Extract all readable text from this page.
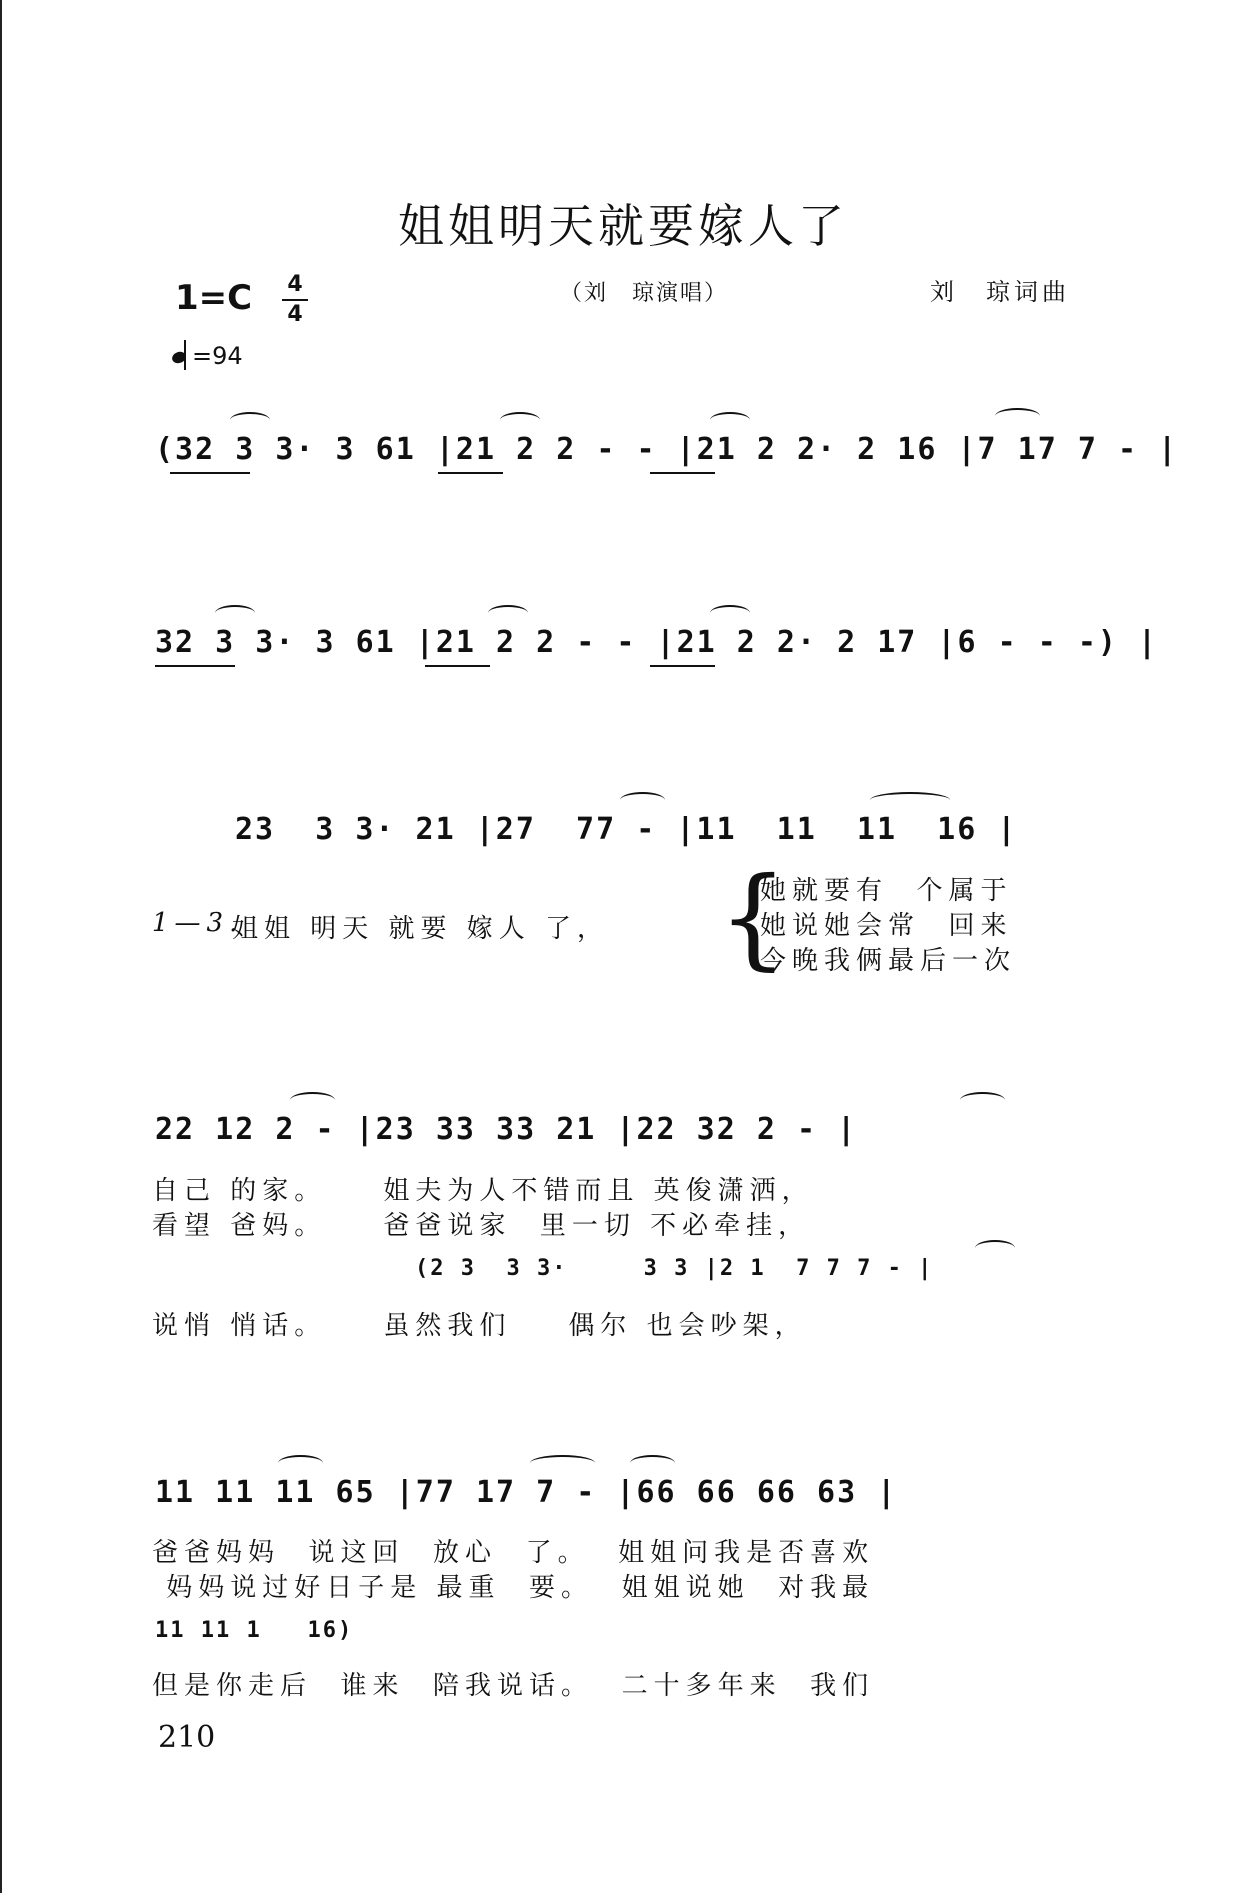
姐姐明天就要嫁人了
1=C 4
4
=94
（刘　琼演唱）	刘　琼词曲
(32 3 3· 3 61 |21 2 2 - - |21 2 2· 2 16 |7 17 7 - |
32 3 3· 3 61 |21 2 2 - - |21 2 2· 2 17 |6 - - -) |
23  3 3· 21 |27  77 - |11  11  11  16 |
1—3.
姐姐 明天 就要 嫁人 了， {
她就要有  个属于
她说她会常  回来
今晚我俩最后一次
22 12 2 - |23 33 33 21 |22 32 2 - |
自己 的家。    姐夫为人不错而且 英俊潇洒，
看望 爸妈。    爸爸说家  里一切 不必牵挂，
(2 3  3 3·     3 3 |2 1  7 7 7 - |
说悄 悄话。    虽然我们    偶尔 也会吵架，
11 11 11 65 |77 17 7 - |66 66 66 63 |
爸爸妈妈  说这回  放心  了。  姐姐问我是否喜欢
妈妈说过好日子是 最重  要。  姐姐说她  对我最
11 11 1   16)
但是你走后  谁来  陪我说话。  二十多年来  我们
210
